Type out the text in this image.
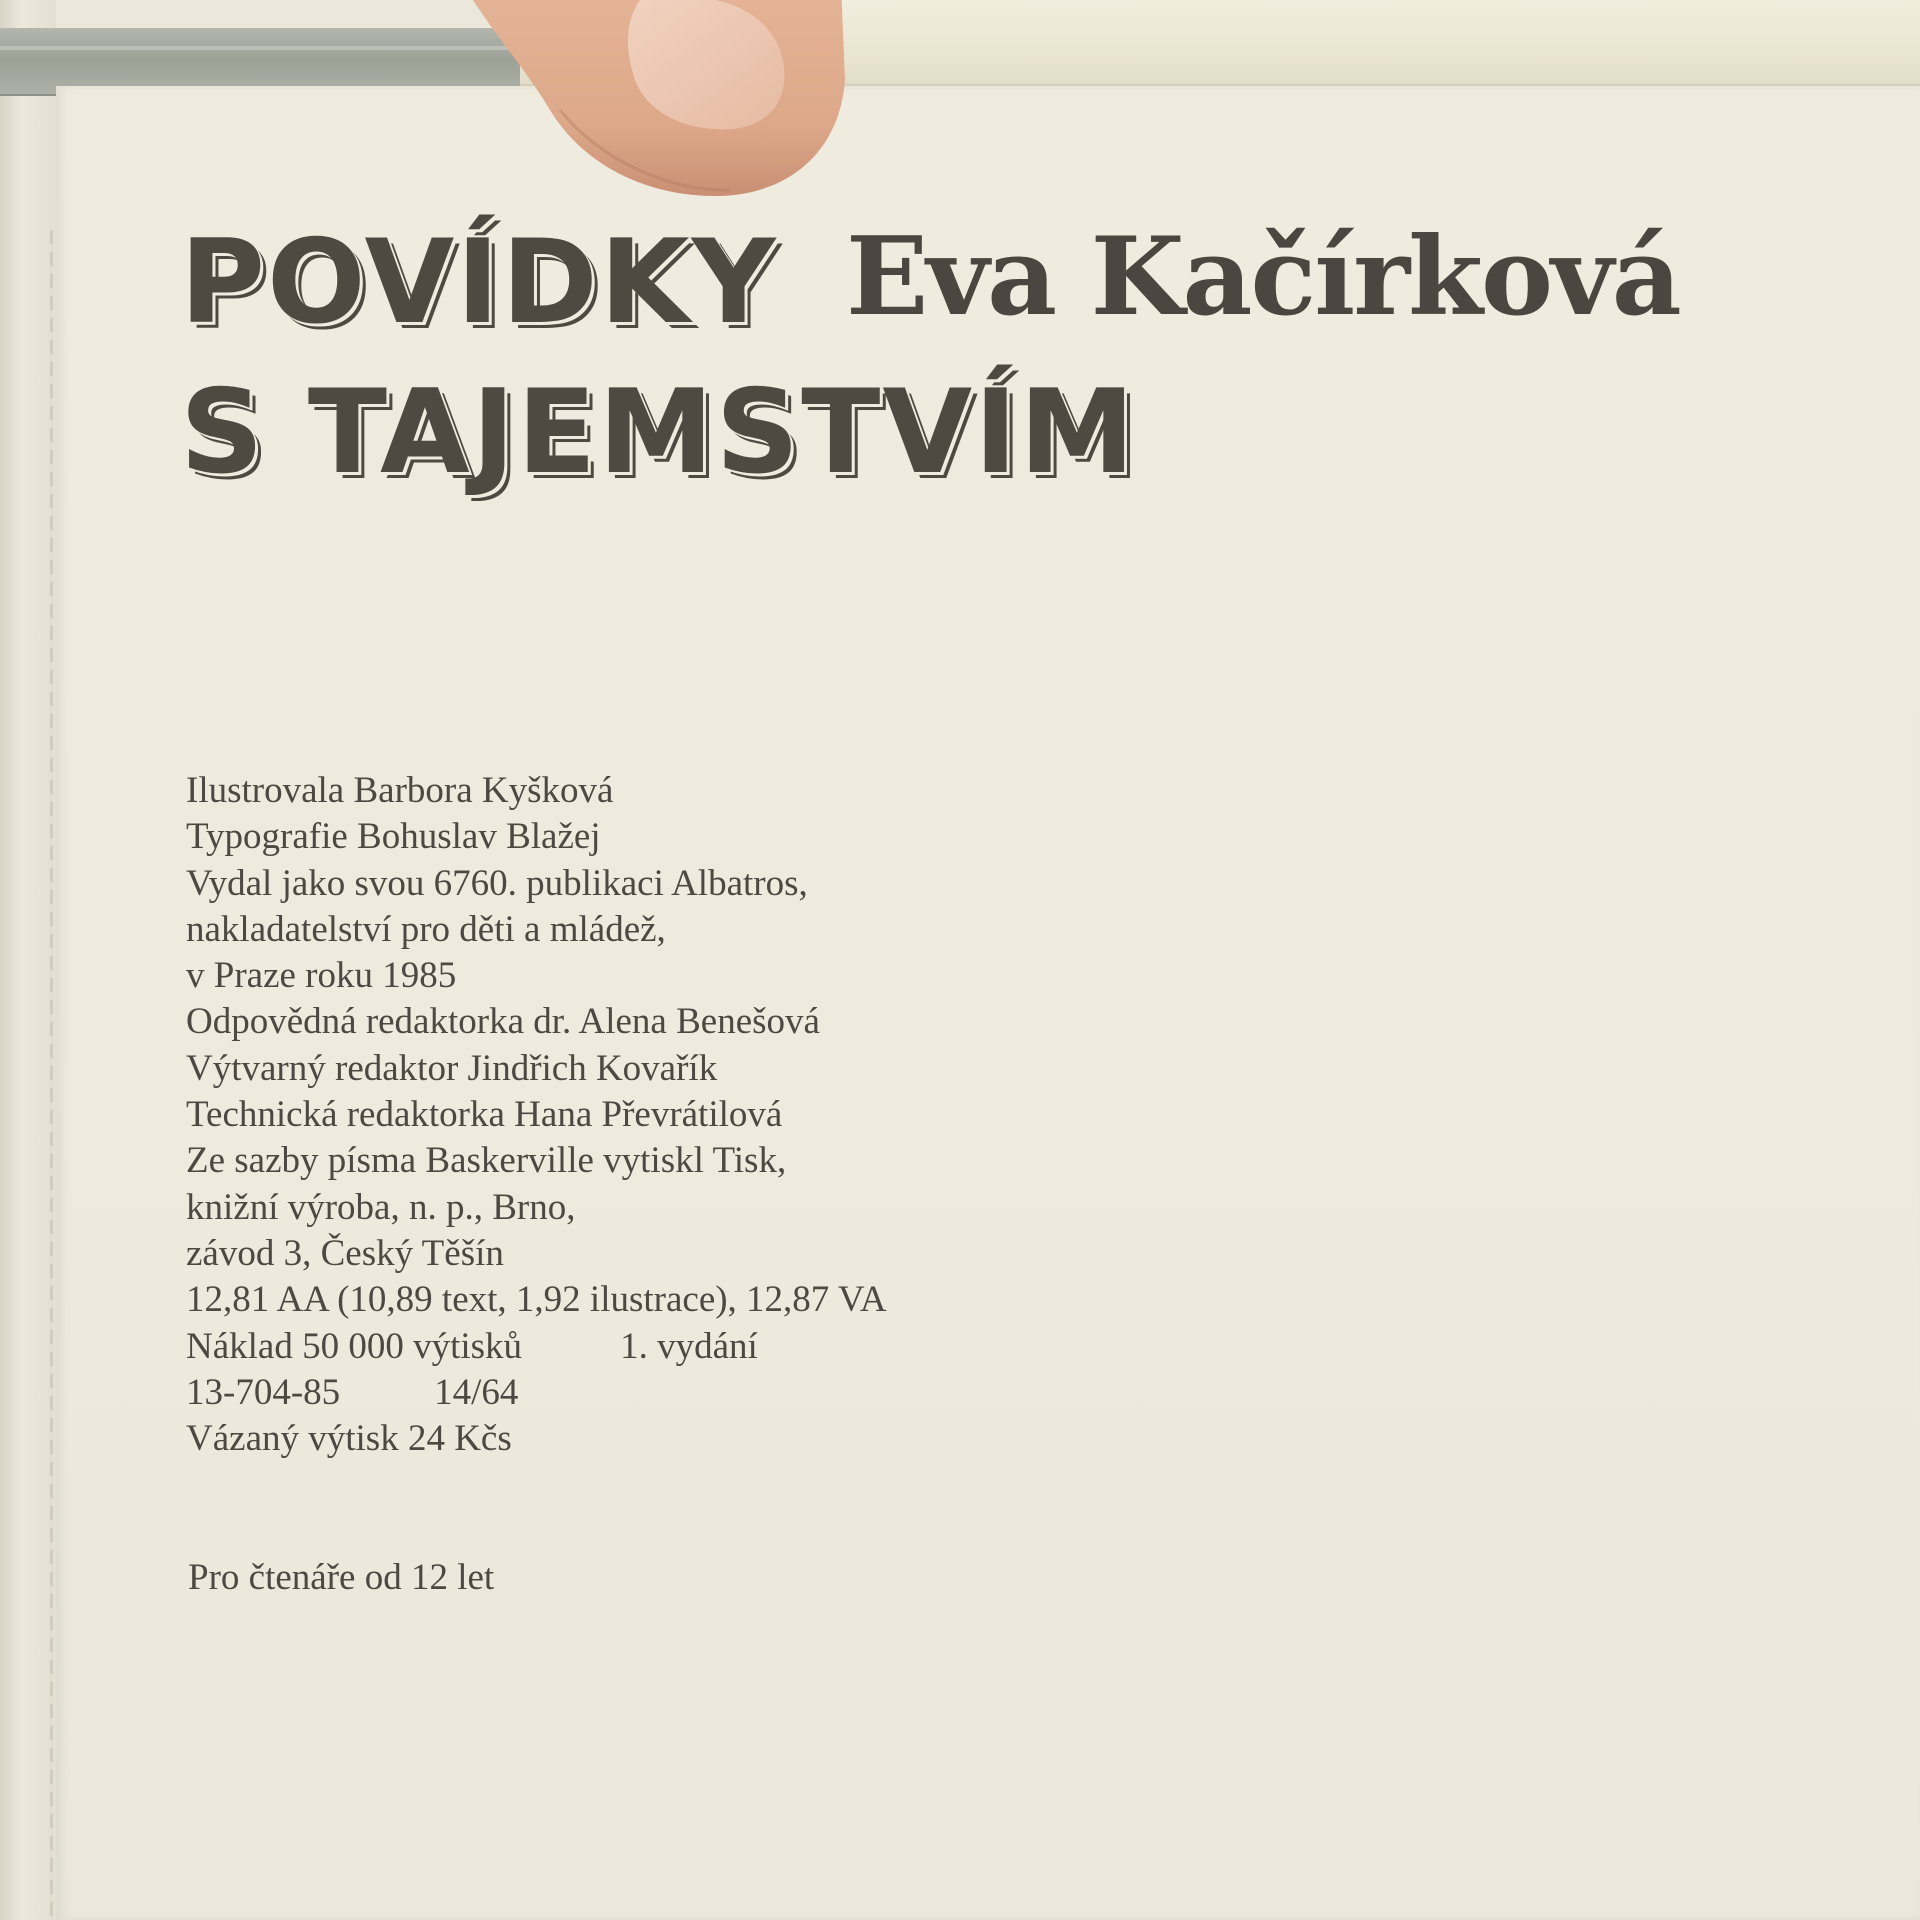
POVÍDKY
S TAJEMSTVÍM
Eva Kačírková
Ilustrovala Barbora Kyšková
Typografie Bohuslav Blažej
Vydal jako svou 6760. publikaci Albatros,
nakladatelství pro děti a mládež,
v Praze roku 1985
Odpovědná redaktorka dr. Alena Benešová
Výtvarný redaktor Jindřich Kovařík
Technická redaktorka Hana Převrátilová
Ze sazby písma Baskerville vytiskl Tisk,
knižní výroba, n. p., Brno,
závod 3, Český Těšín
12,81 AA (10,89 text, 1,92 ilustrace), 12,87 VA
Náklad 50 000 výtisků	1. vydání
13-704-85	14/64
Vázaný výtisk 24 Kčs

Pro čtenáře od 12 let
